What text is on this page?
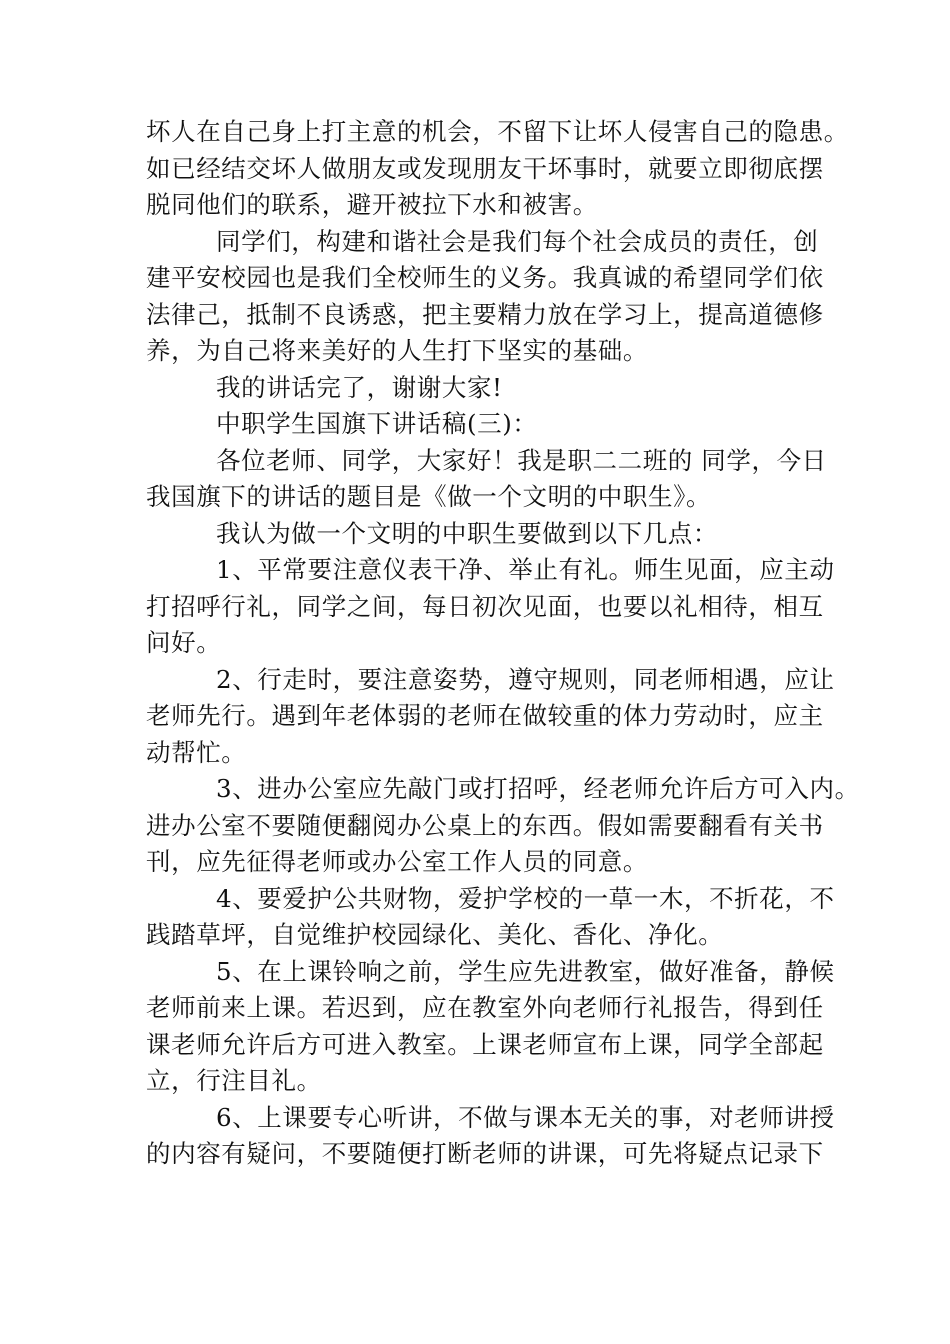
坏人在自己身上打主意的机会，不留下让坏人侵害自己的隐患。
如已经结交坏人做朋友或发现朋友干坏事时，就要立即彻底摆
脱同他们的联系，避开被拉下水和被害。
同学们，构建和谐社会是我们每个社会成员的责任，创
建平安校园也是我们全校师生的义务。我真诚的希望同学们依
法律己，抵制不良诱惑，把主要精力放在学习上，提高道德修
养，为自己将来美好的人生打下坚实的基础。
我的讲话完了，谢谢大家!
中职学生国旗下讲话稿(三)：
各位老师、同学，大家好！我是职二二班的 同学，今日
我国旗下的讲话的题目是《做一个文明的中职生》。
我认为做一个文明的中职生要做到以下几点：
1、平常要注意仪表干净、举止有礼。师生见面，应主动
打招呼行礼，同学之间，每日初次见面，也要以礼相待，相互
问好。
2、行走时，要注意姿势，遵守规则，同老师相遇，应让
老师先行。遇到年老体弱的老师在做较重的体力劳动时，应主
动帮忙。
3、进办公室应先敲门或打招呼，经老师允许后方可入内。
进办公室不要随便翻阅办公桌上的东西。假如需要翻看有关书
刊，应先征得老师或办公室工作人员的同意。
4、要爱护公共财物，爱护学校的一草一木，不折花，不
践踏草坪，自觉维护校园绿化、美化、香化、净化。
5、在上课铃响之前，学生应先进教室，做好准备，静候
老师前来上课。若迟到，应在教室外向老师行礼报告，得到任
课老师允许后方可进入教室。上课老师宣布上课，同学全部起
立，行注目礼。
6、上课要专心听讲，不做与课本无关的事，对老师讲授
的内容有疑问，不要随便打断老师的讲课，可先将疑点记录下
